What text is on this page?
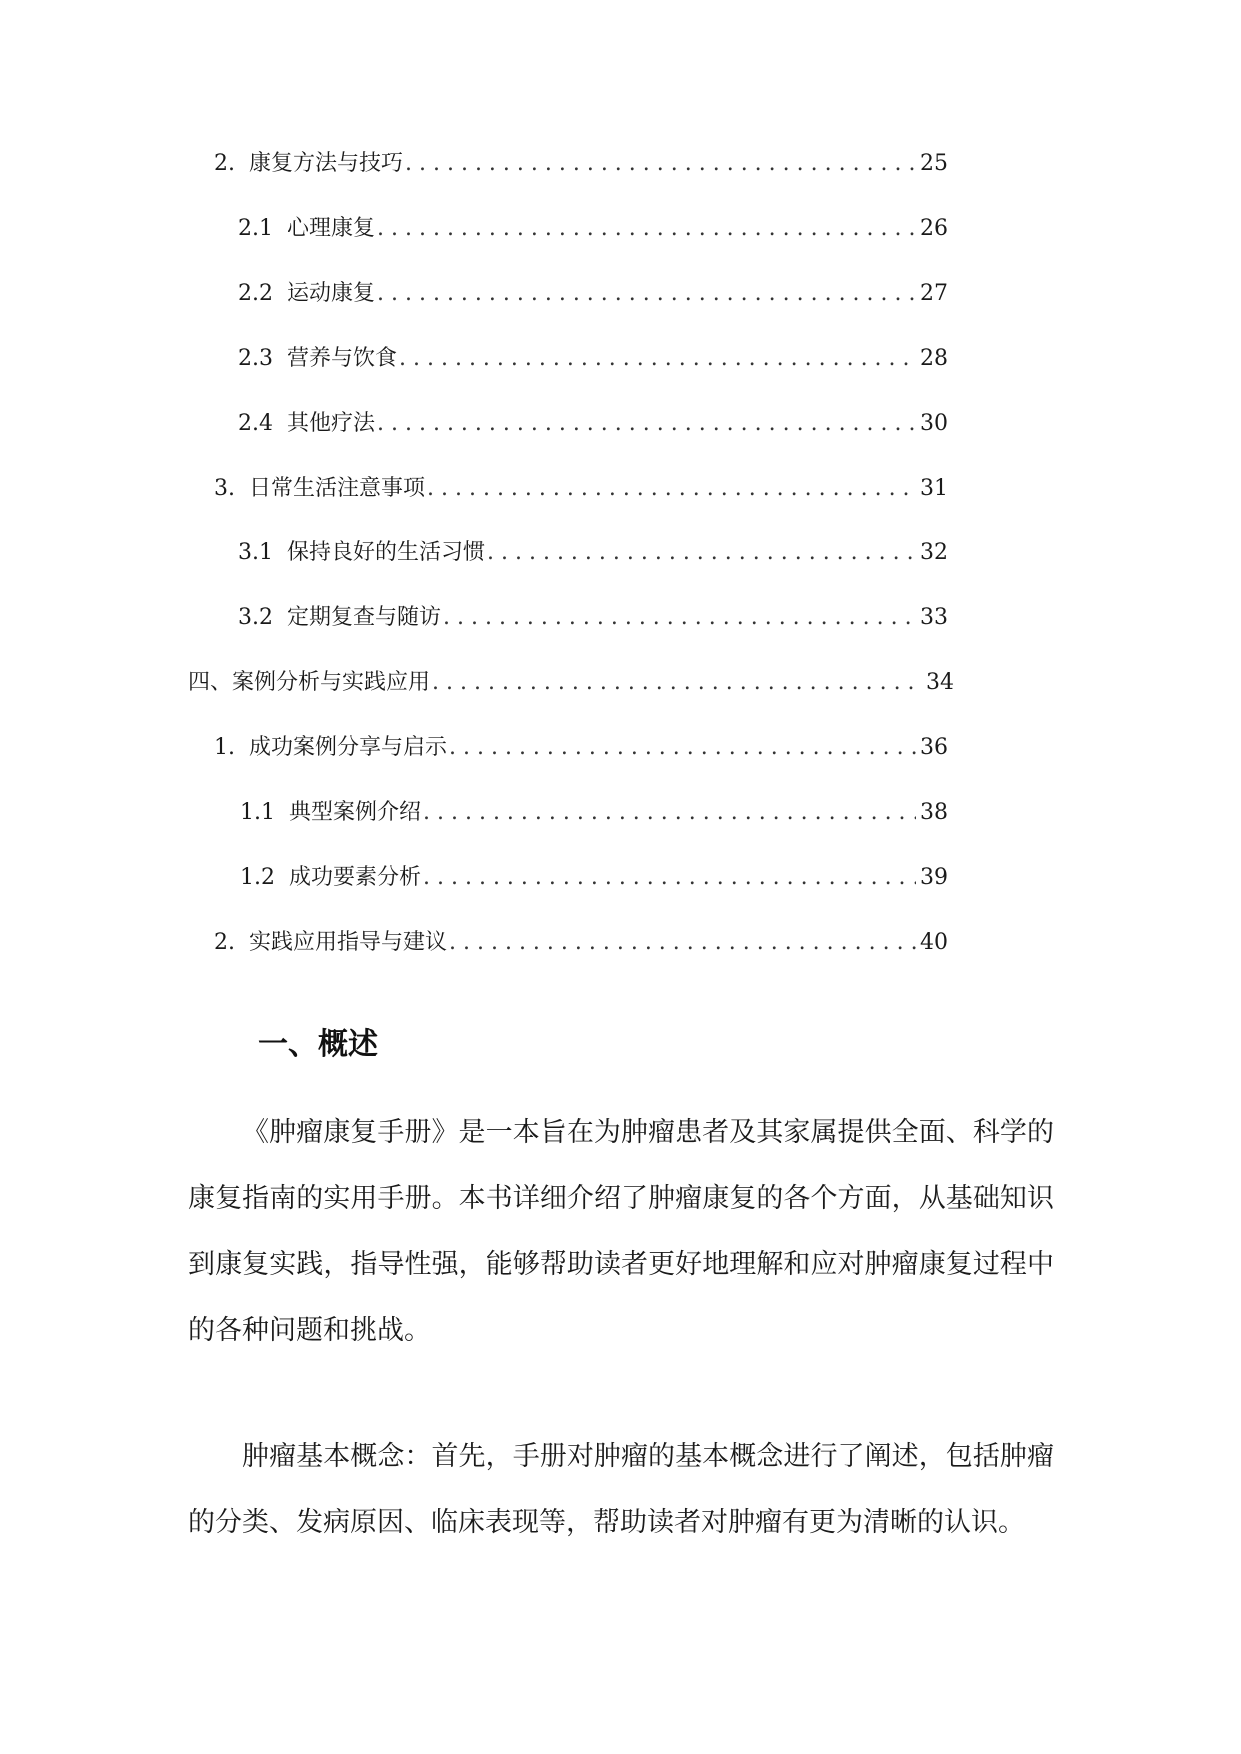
2. 康复方法与技巧 . . .	25
2.1 心理康复 . . .	26
2.2 运动康复 . . .	27
2.3 营养与饮食 . . .	28
2.4 其他疗法 . . .	30
3. 日常生活注意事项 . . .	31
3.1 保持良好的生活习惯 . . .	32
3.2 定期复查与随访 . . .	33
四、案例分析与实践应用 . . .	34
1. 成功案例分享与启示 . . .	36
1.1 典型案例介绍 . . .	38
1.2 成功要素分析 . . .	39
2. 实践应用指导与建议 . . .	40
一、概述

《肿瘤康复手册》是一本旨在为肿瘤患者及其家属提供全面、科学的康复指南的实用手册。本书详细介绍了肿瘤康复的各个方面，从基础知识到康复实践，指导性强，能够帮助读者更好地理解和应对肿瘤康复过程中的各种问题和挑战。

肿瘤基本概念：首先，手册对肿瘤的基本概念进行了阐述，包括肿瘤的分类、发病原因、临床表现等，帮助读者对肿瘤有更为清晰的认识。
